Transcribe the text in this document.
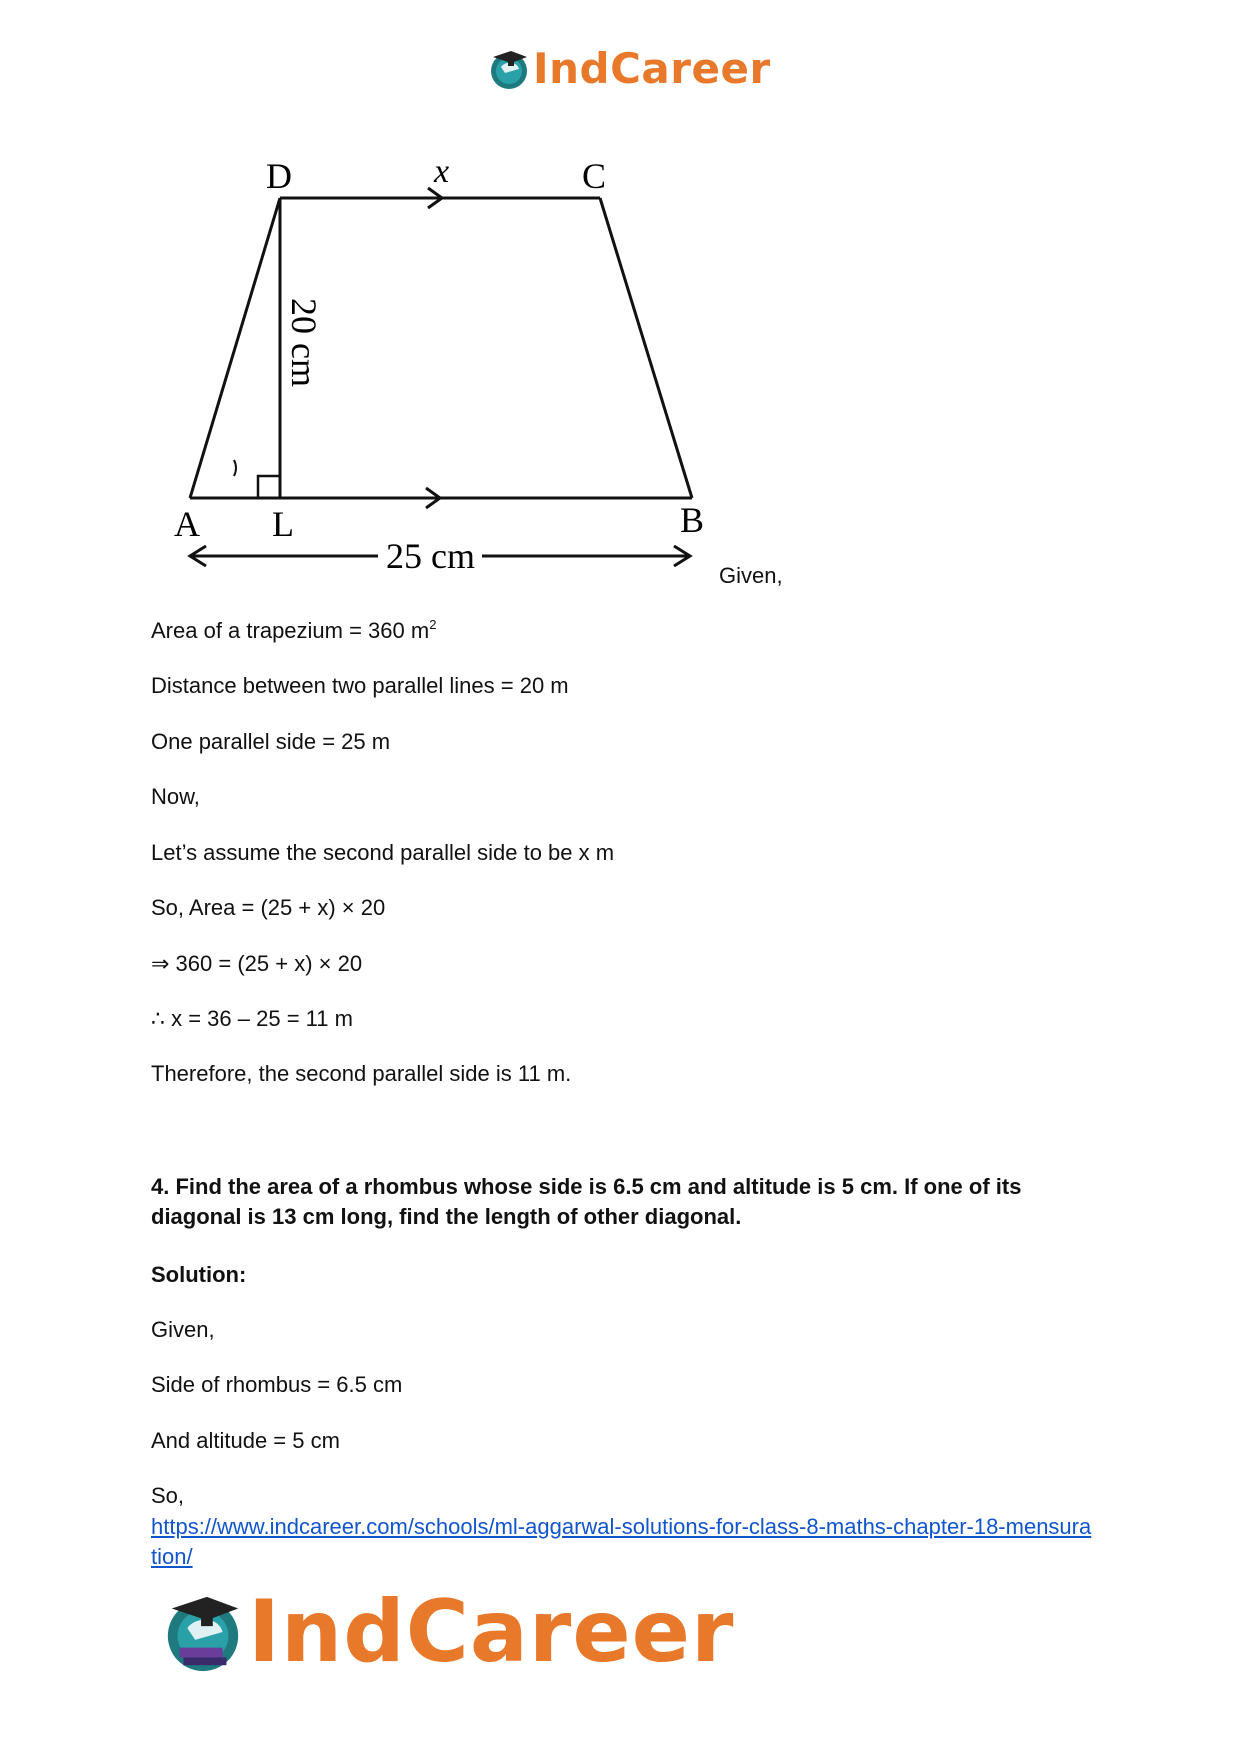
IndCareer
D	C
x
A L	B
25 cm
20 cm
Given,
Area of a trapezium = 360 $m^2$
Distance between two parallel lines = 20 m
One parallel side = 25 m
Now,
Let’s assume the second parallel side to be x m
So, Area = (25 + x) × 20
⇒ 360 = (25 + x) × 20
∴ x = 36 – 25 = 11 m
Therefore, the second parallel side is 11 m.
4. Find the area of a rhombus whose side is 6.5 cm and altitude is 5 cm. If one of its diagonal is 13 cm long, find the length of other diagonal.
Solution:
Given,
Side of rhombus = 6.5 cm
And altitude = 5 cm
So,
https://www.indcareer.com/schools/ml-aggarwal-solutions-for-class-8-maths-chapter-18-mensuration/
IndCareer
